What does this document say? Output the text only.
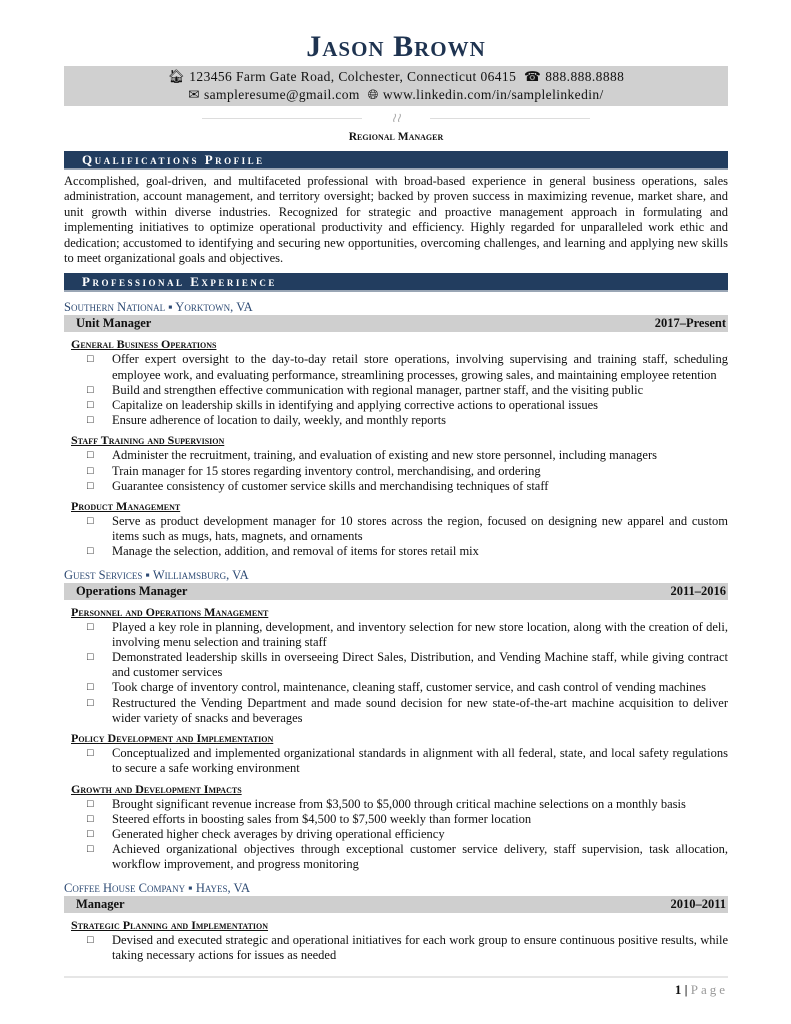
Jason Brown
🏠︎ 123456 Farm Gate Road, Colchester, Connecticut 06415 ☎ 888.888.8888
✉ sampleresume@gmail.com 🌐︎ www.linkedin.com/in/samplelinkedin/
≀≀
Regional Manager
Qualifications Profile
Accomplished, goal-driven, and multifaceted professional with broad-based experience in general business operations, sales administration, account management, and territory oversight; backed by proven success in maximizing revenue, market share, and unit growth within diverse industries. Recognized for strategic and proactive management approach in formulating and implementing initiatives to optimize operational productivity and efficiency. Highly regarded for unparalleled work ethic and dedication; accustomed to identifying and securing new opportunities, overcoming challenges, and learning and applying new skills to meet organizational goals and objectives.
Professional Experience
Southern National ▪ Yorktown, VA
Unit Manager	2017–Present
General Business Operations
□ Offer expert oversight to the day-to-day retail store operations, involving supervising and training staff, scheduling employee work, and evaluating performance, streamlining processes, growing sales, and maintaining employee retention
□ Build and strengthen effective communication with regional manager, partner staff, and the visiting public
□ Capitalize on leadership skills in identifying and applying corrective actions to operational issues
□ Ensure adherence of location to daily, weekly, and monthly reports
Staff Training and Supervision
□ Administer the recruitment, training, and evaluation of existing and new store personnel, including managers
□ Train manager for 15 stores regarding inventory control, merchandising, and ordering
□ Guarantee consistency of customer service skills and merchandising techniques of staff
Product Management
□ Serve as product development manager for 10 stores across the region, focused on designing new apparel and custom items such as mugs, hats, magnets, and ornaments
□ Manage the selection, addition, and removal of items for stores retail mix
Guest Services ▪ Williamsburg, VA
Operations Manager	2011–2016
Personnel and Operations Management
□ Played a key role in planning, development, and inventory selection for new store location, along with the creation of deli, involving menu selection and training staff
□ Demonstrated leadership skills in overseeing Direct Sales, Distribution, and Vending Machine staff, while giving contract and customer services
□ Took charge of inventory control, maintenance, cleaning staff, customer service, and cash control of vending machines
□ Restructured the Vending Department and made sound decision for new state-of-the-art machine acquisition to deliver wider variety of snacks and beverages
Policy Development and Implementation
□ Conceptualized and implemented organizational standards in alignment with all federal, state, and local safety regulations to secure a safe working environment
Growth and Development Impacts
□ Brought significant revenue increase from $3,500 to $5,000 through critical machine selections on a monthly basis
□ Steered efforts in boosting sales from $4,500 to $7,500 weekly than former location
□ Generated higher check averages by driving operational efficiency
□ Achieved organizational objectives through exceptional customer service delivery, staff supervision, task allocation, workflow improvement, and progress monitoring
Coffee House Company ▪ Hayes, VA
Manager	2010–2011
Strategic Planning and Implementation
□ Devised and executed strategic and operational initiatives for each work group to ensure continuous positive results, while taking necessary actions for issues as needed
1 | Page
